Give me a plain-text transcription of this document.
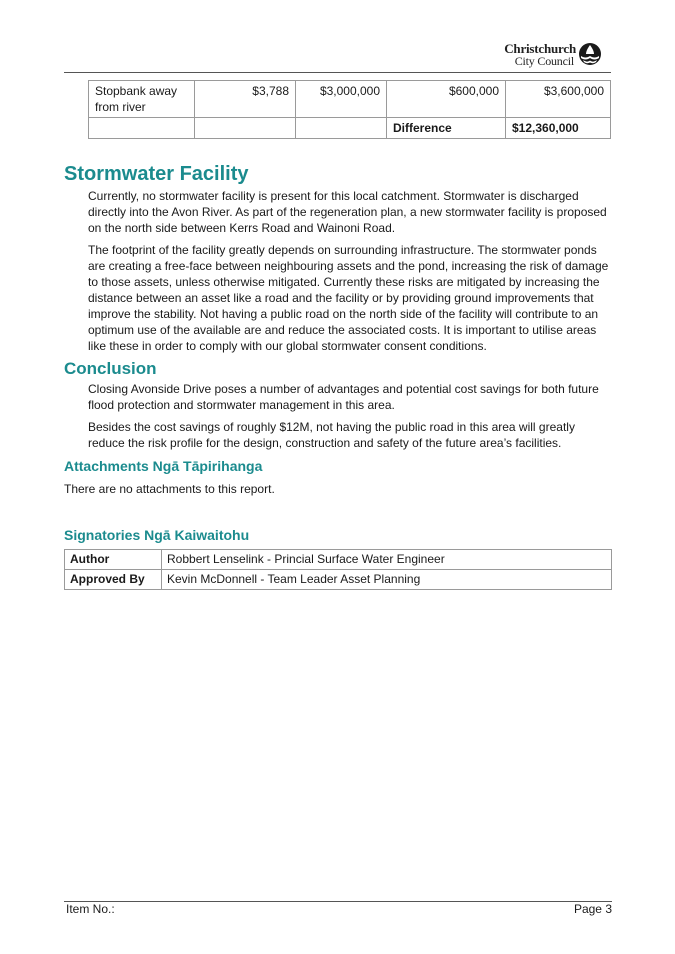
Christchurch
City Council
Stopbank away from river	$3,788	$3,000,000	$600,000	$3,600,000
			Difference	$12,360,000
Stormwater Facility

Currently, no stormwater facility is present for this local catchment. Stormwater is discharged directly into the Avon River. As part of the regeneration plan, a new stormwater facility is proposed on the north side between Kerrs Road and Wainoni Road.

The footprint of the facility greatly depends on surrounding infrastructure. The stormwater ponds are creating a free-face between neighbouring assets and the pond, increasing the risk of damage to those assets, unless otherwise mitigated. Currently these risks are mitigated by increasing the distance between an asset like a road and the facility or by providing ground improvements that improve the stability. Not having a public road on the north side of the facility will contribute to an optimum use of the available are and reduce the associated costs. It is important to utilise areas like these in order to comply with our global stormwater consent conditions.

Conclusion

Closing Avonside Drive poses a number of advantages and potential cost savings for both future flood protection and stormwater management in this area.

Besides the cost savings of roughly $12M, not having the public road in this area will greatly reduce the risk profile for the design, construction and safety of the future area’s facilities.

Attachments Ngā Tāpirihanga

There are no attachments to this report.

Signatories Ngā Kaiwaitohu
Author	Robbert Lenselink - Princial Surface Water Engineer
Approved By	Kevin McDonnell - Team Leader Asset Planning
Item No.:	Page 3
